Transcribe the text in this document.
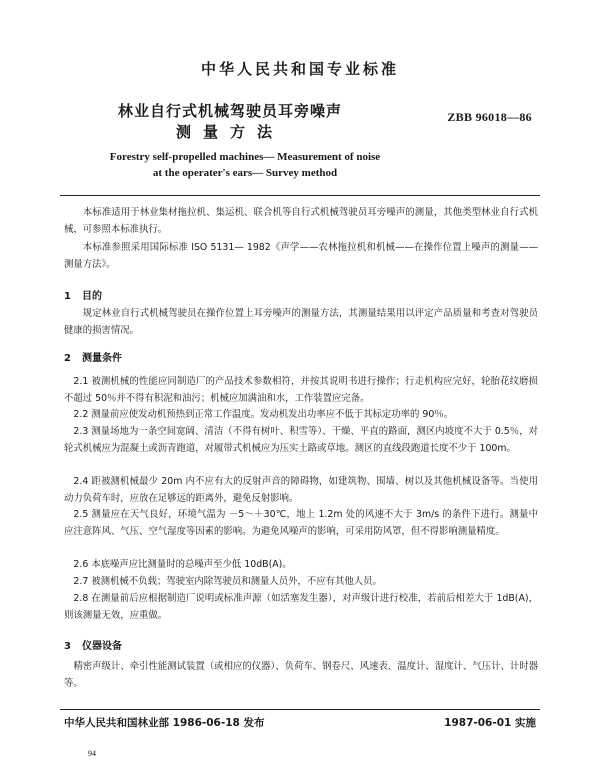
中华人民共和国专业标准
林业自行式机械驾驶员耳旁噪声
测量方法
ZBB 96018—86
Forestry self-propelled machines— Measurement of noise
at the operater's ears— Survey method

本标准适用于林业集材拖拉机、集运机、联合机等自行式机械驾驶员耳旁噪声的测量，其他类型林业自行式机械，可参照本标准执行。

本标准参照采用国际标准 ISO 5131— 1982《声学——农林拖拉机和机械——在操作位置上噪声的测量——测量方法》。

1 目的

规定林业自行式机械驾驶员在操作位置上耳旁噪声的测量方法，其测量结果用以评定产品质量和考查对驾驶员健康的损害情况。

2 测量条件

2.1 被测机械的性能应同制造厂的产品技术参数相符，并按其说明书进行操作；行走机构应完好，轮胎花纹磨损不超过 50％并不得有积泥和油污；机械应加满油和水，工作装置应完备。

2.2 测量前应使发动机预热到正常工作温度。发动机发出功率应不低于其标定功率的 90％。

2.3 测量场地为一条空间宽阔、清洁（不得有树叶、积雪等）、干燥、平直的路面，测区内坡度不大于 0.5％，对轮式机械应为混凝土或沥青跑道，对履带式机械应为压实土路或草地。测区的直线段跑道长度不少于 100m。

2.4 距被测机械最少 20m 内不应有大的反射声音的障碍物，如建筑物、围墙、树以及其他机械设备等。当使用动力负荷车时，应放在足够远的距离外，避免反射影响。

2.5 测量应在天气良好，环境气温为 －5～＋30℃，地上 1.2m 处的风速不大于 3m/s 的条件下进行。测量中应注意阵风、气压、空气湿度等因素的影响。为避免风噪声的影响，可采用防风罩，但不得影响测量精度。

2.6 本底噪声应比测量时的总噪声至少低 10dB(A)。

2.7 被测机械不负载；驾驶室内除驾驶员和测量人员外，不应有其他人员。

2.8 在测量前后应根据制造厂说明或标准声源（如活塞发生器），对声级计进行校准，若前后相差大于 1dB(A)，则该测量无效，应重做。

3 仪器设备

精密声级计、牵引性能测试装置（或相应的仪器）、负荷车、钢卷尺、风速表、温度计、湿度计、气压计、计时器等。

中华人民共和国林业部 1986-06-18 发布	1987-06-01 实施
94
